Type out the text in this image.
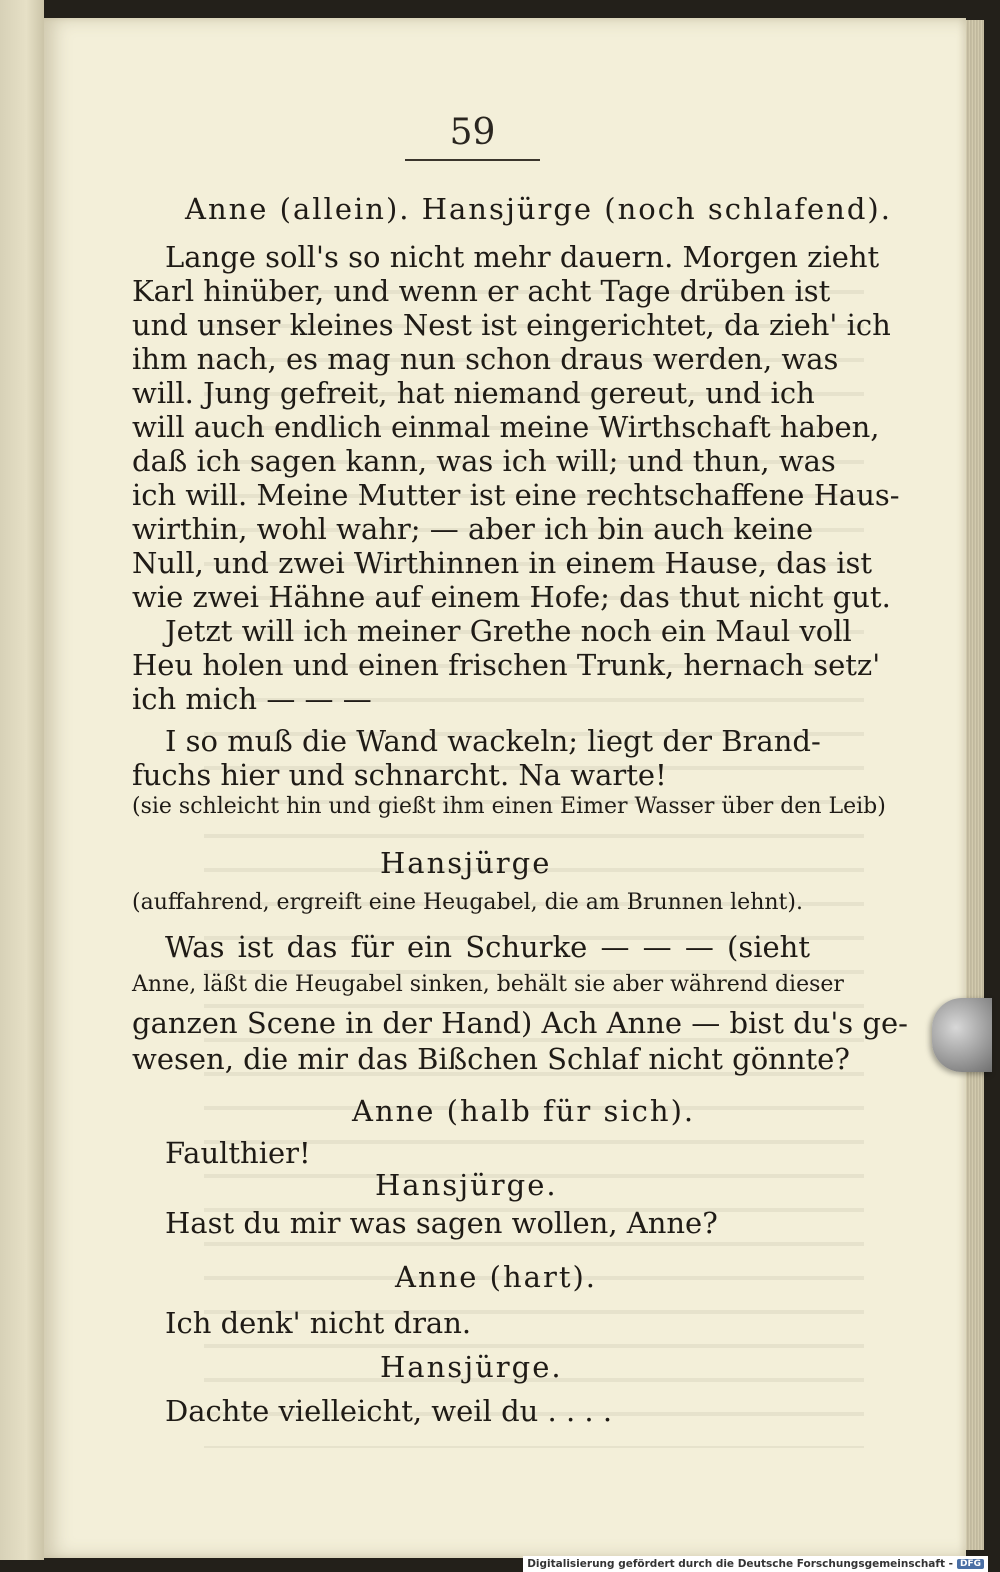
59
Anne (allein). Hansjürge (noch schlafend).
Lange soll's so nicht mehr dauern. Morgen zieht
Karl hinüber, und wenn er acht Tage drüben ist
und unser kleines Nest ist eingerichtet, da zieh' ich
ihm nach, es mag nun schon draus werden, was
will. Jung gefreit, hat niemand gereut, und ich
will auch endlich einmal meine Wirthschaft haben,
daß ich sagen kann, was ich will; und thun, was
ich will. Meine Mutter ist eine rechtschaffene Haus-
wirthin, wohl wahr; — aber ich bin auch keine
Null, und zwei Wirthinnen in einem Hause, das ist
wie zwei Hähne auf einem Hofe; das thut nicht gut.
Jetzt will ich meiner Grethe noch ein Maul voll
Heu holen und einen frischen Trunk, hernach setz'
ich mich — — —
I so muß die Wand wackeln; liegt der Brand-
fuchs hier und schnarcht. Na warte!
(sie schleicht hin und gießt ihm einen Eimer Wasser über den Leib)
Hansjürge
(auffahrend, ergreift eine Heugabel, die am Brunnen lehnt).
Was ist das für ein Schurke — — — (sieht
Anne, läßt die Heugabel sinken, behält sie aber während dieser
ganzen Scene in der Hand) Ach Anne — bist du's ge-
wesen, die mir das Bißchen Schlaf nicht gönnte?
Anne (halb für sich).
Faulthier!
Hansjürge.
Hast du mir was sagen wollen, Anne?
Anne (hart).
Ich denk' nicht dran.
Hansjürge.
Dachte vielleicht, weil du . . . .
Digitalisierung gefördert durch die Deutsche Forschungsgemeinschaft - DFG
